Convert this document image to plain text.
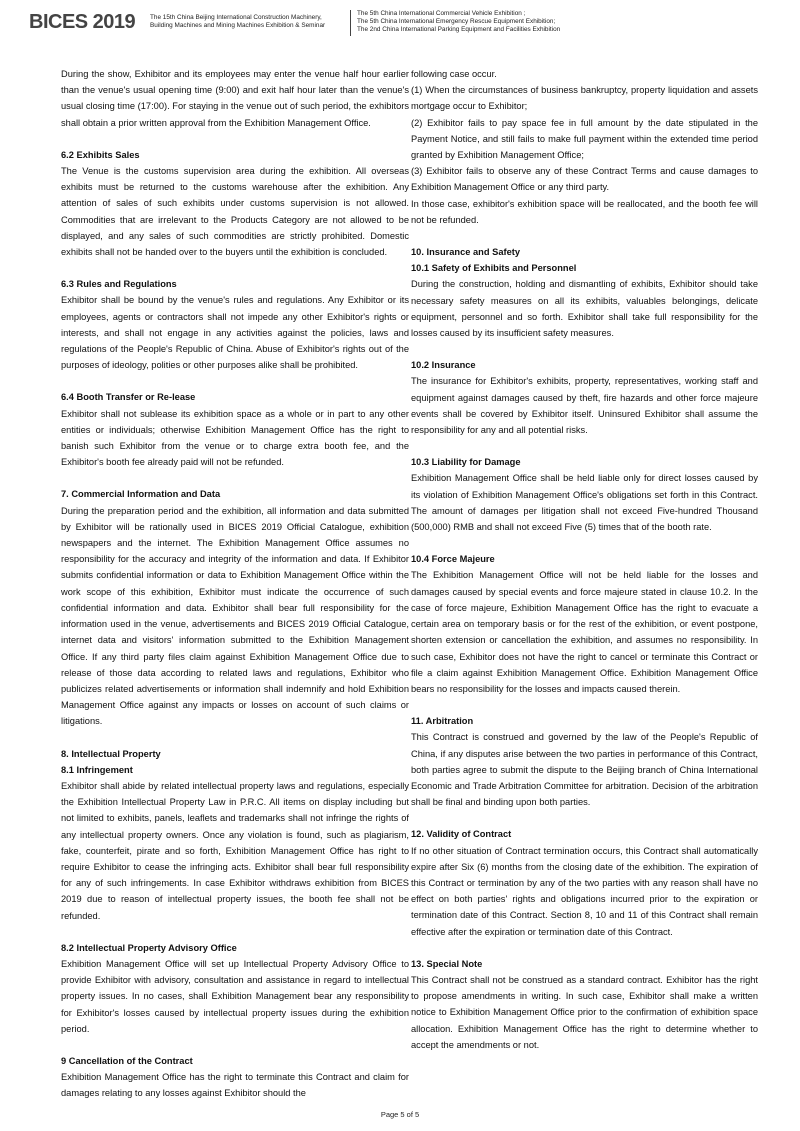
BICES 2019 The 15th China Beijing International Construction Machinery,
Building Machines and Mining Machines Exhibition & Seminar
The 5th China International Commercial Vehicle Exhibition ;
The 5th China International Emergency Rescue Equipment Exhibition;
The 2nd China International Parking Equipment and Facilities Exhibition

During the show, Exhibitor and its employees may enter the venue half hour earlier than the venue's usual opening time (9:00) and exit half hour later than the venue's usual closing time (17:00). For staying in the venue out of such period, the exhibitors shall obtain a prior written approval from the Exhibition Management Office.

6.2 Exhibits Sales

The Venue is the customs supervision area during the exhibition. All overseas exhibits must be returned to the customs warehouse after the exhibition. Any attention of sales of such exhibits under customs supervision is not allowed. Commodities that are irrelevant to the Products Category are not allowed to be displayed, and any sales of such commodities are strictly prohibited. Domestic exhibits shall not be handed over to the buyers until the exhibition is concluded.

6.3 Rules and Regulations

Exhibitor shall be bound by the venue's rules and regulations. Any Exhibitor or its employees, agents or contractors shall not impede any other Exhibitor's rights or interests, and shall not engage in any activities against the policies, laws and regulations of the People's Republic of China. Abuse of Exhibitor's rights out of the purposes of ideology, polities or other purposes alike shall be prohibited.

6.4 Booth Transfer or Re-lease

Exhibitor shall not sublease its exhibition space as a whole or in part to any other entities or individuals; otherwise Exhibition Management Office has the right to banish such Exhibitor from the venue or to charge extra booth fee, and the Exhibitor's booth fee already paid will not be refunded.

7. Commercial Information and Data

During the preparation period and the exhibition, all information and data submitted by Exhibitor will be rationally used in BICES 2019 Official Catalogue, exhibition newspapers and the internet. The Exhibition Management Office assumes no responsibility for the accuracy and integrity of the information and data. If Exhibitor submits confidential information or data to Exhibition Management Office within the work scope of this exhibition, Exhibitor must indicate the occurrence of such confidential information and data. Exhibitor shall bear full responsibility for the information used in the venue, advertisements and BICES 2019 Official Catalogue, internet data and visitors' information submitted to the Exhibition Management Office. If any third party files claim against Exhibition Management Office due to release of those data according to related laws and regulations, Exhibitor who publicizes related advertisements or information shall indemnify and hold Exhibition Management Office against any impacts or losses on account of such claims or litigations.

8. Intellectual Property
8.1 Infringement

Exhibitor shall abide by related intellectual property laws and regulations, especially the Exhibition Intellectual Property Law in P.R.C. All items on display including but not limited to exhibits, panels, leaflets and trademarks shall not infringe the rights of any intellectual property owners. Once any violation is found, such as plagiarism, fake, counterfeit, pirate and so forth, Exhibition Management Office has right to require Exhibitor to cease the infringing acts. Exhibitor shall bear full responsibility for any of such infringements. In case Exhibitor withdraws exhibition from BICES 2019 due to reason of intellectual property issues, the booth fee shall not be refunded.

8.2 Intellectual Property Advisory Office

Exhibition Management Office will set up Intellectual Property Advisory Office to provide Exhibitor with advisory, consultation and assistance in regard to intellectual property issues. In no cases, shall Exhibition Management bear any responsibility for Exhibitor's losses caused by intellectual property issues during the exhibition period.

9 Cancellation of the Contract

Exhibition Management Office has the right to terminate this Contract and claim for damages relating to any losses against Exhibitor should the

following case occur.

(1) When the circumstances of business bankruptcy, property liquidation and assets mortgage occur to Exhibitor;

(2) Exhibitor fails to pay space fee in full amount by the date stipulated in the Payment Notice, and still fails to make full payment within the extended time period granted by Exhibition Management Office;

(3) Exhibitor fails to observe any of these Contract Terms and cause damages to Exhibition Management Office or any third party.

In those case, exhibitor's exhibition space will be reallocated, and the booth fee will not be refunded.

10. Insurance and Safety
10.1 Safety of Exhibits and Personnel

During the construction, holding and dismantling of exhibits, Exhibitor should take necessary safety measures on all its exhibits, valuables belongings, delicate equipment, personnel and so forth. Exhibitor shall take full responsibility for the losses caused by its insufficient safety measures.

10.2 Insurance

The insurance for Exhibitor's exhibits, property, representatives, working staff and equipment against damages caused by theft, fire hazards and other force majeure events shall be covered by Exhibitor itself. Uninsured Exhibitor shall assume the responsibility for any and all potential risks.

10.3 Liability for Damage

Exhibition Management Office shall be held liable only for direct losses caused by its violation of Exhibition Management Office's obligations set forth in this Contract. The amount of damages per litigation shall not exceed Five-hundred Thousand (500,000) RMB and shall not exceed Five (5) times that of the booth rate.

10.4 Force Majeure

The Exhibition Management Office will not be held liable for the losses and damages caused by special events and force majeure stated in clause 10.2. In the case of force majeure, Exhibition Management Office has the right to evacuate a certain area on temporary basis or for the rest of the exhibition, or event postpone, shorten extension or cancellation the exhibition, and assumes no responsibility. In such case, Exhibitor does not have the right to cancel or terminate this Contract or file a claim against Exhibition Management Office. Exhibition Management Office bears no responsibility for the losses and impacts caused therein.

11. Arbitration

This Contract is construed and governed by the law of the People's Republic of China, if any disputes arise between the two parties in performance of this Contract, both parties agree to submit the dispute to the Beijing branch of China International Economic and Trade Arbitration Committee for arbitration. Decision of the arbitration shall be final and binding upon both parties.

12. Validity of Contract

If no other situation of Contract termination occurs, this Contract shall automatically expire after Six (6) months from the closing date of the exhibition. The expiration of this Contract or termination by any of the two parties with any reason shall have no effect on both parties' rights and obligations incurred prior to the expiration or termination date of this Contract. Section 8, 10 and 11 of this Contract shall remain effective after the expiration or termination date of this Contract.

13. Special Note

This Contract shall not be construed as a standard contract. Exhibitor has the right to propose amendments in writing. In such case, Exhibitor shall make a written notice to Exhibition Management Office prior to the confirmation of exhibition space allocation. Exhibition Management Office has the right to determine whether to accept the amendments or not.

Page 5 of 5
